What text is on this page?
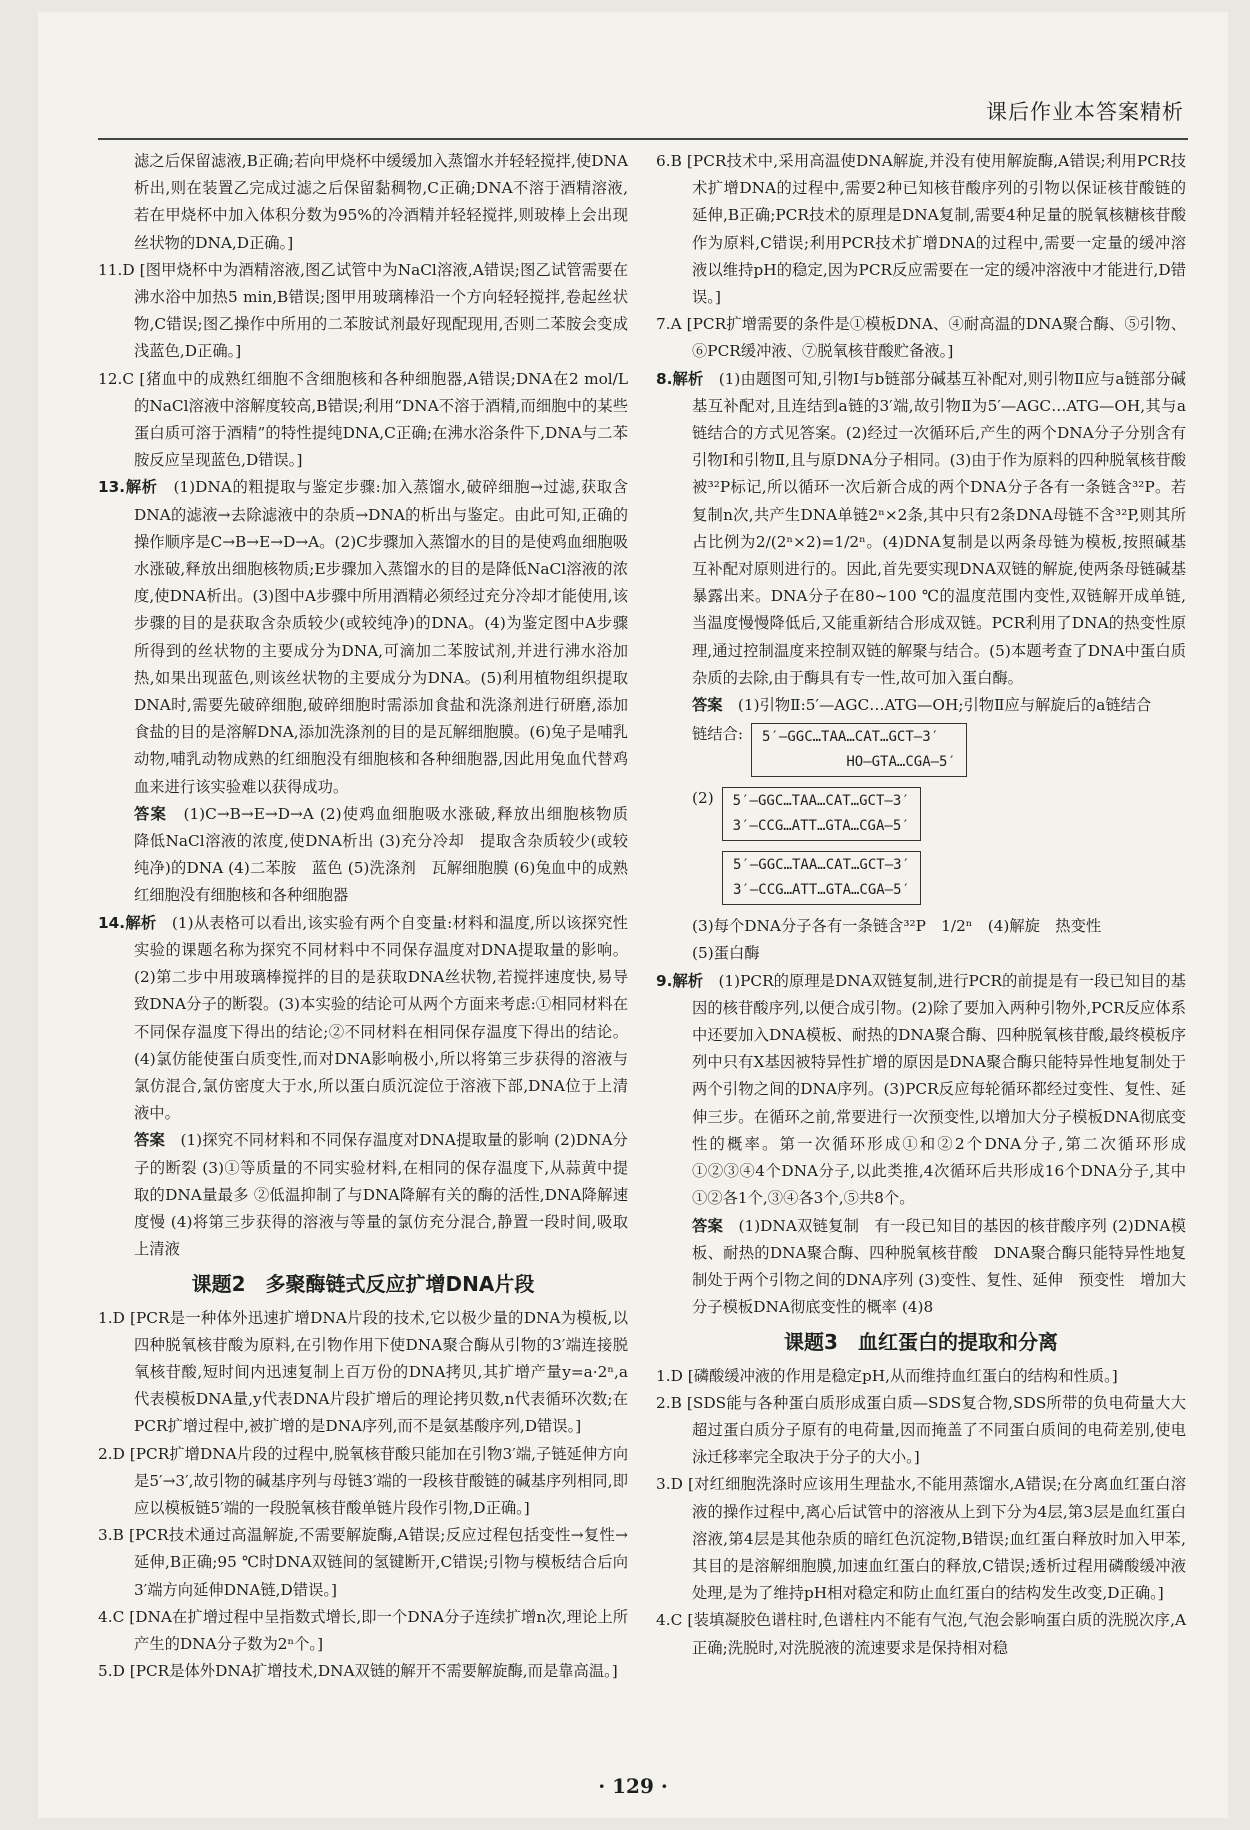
课后作业本答案精析

滤之后保留滤液,B正确;若向甲烧杯中缓缓加入蒸馏水并轻轻搅拌,使DNA析出,则在装置乙完成过滤之后保留黏稠物,C正确;DNA不溶于酒精溶液,若在甲烧杯中加入体积分数为95%的冷酒精并轻轻搅拌,则玻棒上会出现丝状物的DNA,D正确。]

11.D [图甲烧杯中为酒精溶液,图乙试管中为NaCl溶液,A错误;图乙试管需要在沸水浴中加热5 min,B错误;图甲用玻璃棒沿一个方向轻轻搅拌,卷起丝状物,C错误;图乙操作中所用的二苯胺试剂最好现配现用,否则二苯胺会变成浅蓝色,D正确。]

12.C [猪血中的成熟红细胞不含细胞核和各种细胞器,A错误;DNA在2 mol/L的NaCl溶液中溶解度较高,B错误;利用“DNA不溶于酒精,而细胞中的某些蛋白质可溶于酒精”的特性提纯DNA,C正确;在沸水浴条件下,DNA与二苯胺反应呈现蓝色,D错误。]

13.解析　 (1)DNA的粗提取与鉴定步骤:加入蒸馏水,破碎细胞→过滤,获取含DNA的滤液→去除滤液中的杂质→DNA的析出与鉴定。由此可知,正确的操作顺序是C→B→E→D→A。(2)C步骤加入蒸馏水的目的是使鸡血细胞吸水涨破,释放出细胞核物质;E步骤加入蒸馏水的目的是降低NaCl溶液的浓度,使DNA析出。(3)图中A步骤中所用酒精必须经过充分冷却才能使用,该步骤的目的是获取含杂质较少(或较纯净)的DNA。(4)为鉴定图中A步骤所得到的丝状物的主要成分为DNA,可滴加二苯胺试剂,并进行沸水浴加热,如果出现蓝色,则该丝状物的主要成分为DNA。(5)利用植物组织提取DNA时,需要先破碎细胞,破碎细胞时需添加食盐和洗涤剂进行研磨,添加食盐的目的是溶解DNA,添加洗涤剂的目的是瓦解细胞膜。(6)兔子是哺乳动物,哺乳动物成熟的红细胞没有细胞核和各种细胞器,因此用兔血代替鸡血来进行该实验难以获得成功。

答案　 (1)C→B→E→D→A (2)使鸡血细胞吸水涨破,释放出细胞核物质　降低NaCl溶液的浓度,使DNA析出 (3)充分冷却　提取含杂质较少(或较纯净)的DNA (4)二苯胺　蓝色 (5)洗涤剂　瓦解细胞膜 (6)兔血中的成熟红细胞没有细胞核和各种细胞器

14.解析　 (1)从表格可以看出,该实验有两个自变量:材料和温度,所以该探究性实验的课题名称为探究不同材料中不同保存温度对DNA提取量的影响。(2)第二步中用玻璃棒搅拌的目的是获取DNA丝状物,若搅拌速度快,易导致DNA分子的断裂。(3)本实验的结论可从两个方面来考虑:①相同材料在不同保存温度下得出的结论;②不同材料在相同保存温度下得出的结论。(4)氯仿能使蛋白质变性,而对DNA影响极小,所以将第三步获得的溶液与氯仿混合,氯仿密度大于水,所以蛋白质沉淀位于溶液下部,DNA位于上清液中。

答案　 (1)探究不同材料和不同保存温度对DNA提取量的影响 (2)DNA分子的断裂 (3)①等质量的不同实验材料,在相同的保存温度下,从蒜黄中提取的DNA量最多 ②低温抑制了与DNA降解有关的酶的活性,DNA降解速度慢 (4)将第三步获得的溶液与等量的氯仿充分混合,静置一段时间,吸取上清液

课题2　多聚酶链式反应扩增DNA片段

1.D [PCR是一种体外迅速扩增DNA片段的技术,它以极少量的DNA为模板,以四种脱氧核苷酸为原料,在引物作用下使DNA聚合酶从引物的3′端连接脱氧核苷酸,短时间内迅速复制上百万份的DNA拷贝,其扩增产量y=a·2ⁿ,a代表模板DNA量,y代表DNA片段扩增后的理论拷贝数,n代表循环次数;在PCR扩增过程中,被扩增的是DNA序列,而不是氨基酸序列,D错误。]

2.D [PCR扩增DNA片段的过程中,脱氧核苷酸只能加在引物3′端,子链延伸方向是5′→3′,故引物的碱基序列与母链3′端的一段核苷酸链的碱基序列相同,即应以模板链5′端的一段脱氧核苷酸单链片段作引物,D正确。]

3.B [PCR技术通过高温解旋,不需要解旋酶,A错误;反应过程包括变性→复性→延伸,B正确;95 ℃时DNA双链间的氢键断开,C错误;引物与模板结合后向3′端方向延伸DNA链,D错误。]

4.C [DNA在扩增过程中呈指数式增长,即一个DNA分子连续扩增n次,理论上所产生的DNA分子数为2ⁿ个。]

5.D [PCR是体外DNA扩增技术,DNA双链的解开不需要解旋酶,而是靠高温。]

6.B [PCR技术中,采用高温使DNA解旋,并没有使用解旋酶,A错误;利用PCR技术扩增DNA的过程中,需要2种已知核苷酸序列的引物以保证核苷酸链的延伸,B正确;PCR技术的原理是DNA复制,需要4种足量的脱氧核糖核苷酸作为原料,C错误;利用PCR技术扩增DNA的过程中,需要一定量的缓冲溶液以维持pH的稳定,因为PCR反应需要在一定的缓冲溶液中才能进行,D错误。]

7.A [PCR扩增需要的条件是①模板DNA、④耐高温的DNA聚合酶、⑤引物、⑥PCR缓冲液、⑦脱氧核苷酸贮备液。]

8.解析　 (1)由题图可知,引物Ⅰ与b链部分碱基互补配对,则引物Ⅱ应与a链部分碱基互补配对,且连结到a链的3′端,故引物Ⅱ为5′—AGC…ATG—OH,其与a链结合的方式见答案。(2)经过一次循环后,产生的两个DNA分子分别含有引物Ⅰ和引物Ⅱ,且与原DNA分子相同。(3)由于作为原料的四种脱氧核苷酸被³²P标记,所以循环一次后新合成的两个DNA分子各有一条链含³²P。若复制n次,共产生DNA单链2ⁿ×2条,其中只有2条DNA母链不含³²P,则其所占比例为2/(2ⁿ×2)=1/2ⁿ。(4)DNA复制是以两条母链为模板,按照碱基互补配对原则进行的。因此,首先要实现DNA双链的解旋,使两条母链碱基暴露出来。DNA分子在80~100 ℃的温度范围内变性,双链解开成单链,当温度慢慢降低后,又能重新结合形成双链。PCR利用了DNA的热变性原理,通过控制温度来控制双链的解聚与结合。(5)本题考查了DNA中蛋白质杂质的去除,由于酶具有专一性,故可加入蛋白酶。

答案　 (1)引物Ⅱ:5′—AGC…ATG—OH;引物Ⅱ应与解旋后的a链结合

链结合: 5′—GGC…TAA…CAT…GCT—3′
HO—GTA…CGA—5′
(2) 5′—GGC…TAA…CAT…GCT—3′
3′—CCG…ATT…GTA…CGA—5′
5′—GGC…TAA…CAT…GCT—3′
3′—CCG…ATT…GTA…CGA—5′

(3)每个DNA分子各有一条链含³²P　1/2ⁿ　(4)解旋　热变性

(5)蛋白酶

9.解析　 (1)PCR的原理是DNA双链复制,进行PCR的前提是有一段已知目的基因的核苷酸序列,以便合成引物。(2)除了要加入两种引物外,PCR反应体系中还要加入DNA模板、耐热的DNA聚合酶、四种脱氧核苷酸,最终模板序列中只有X基因被特异性扩增的原因是DNA聚合酶只能特异性地复制处于两个引物之间的DNA序列。(3)PCR反应每轮循环都经过变性、复性、延伸三步。在循环之前,常要进行一次预变性,以增加大分子模板DNA彻底变性的概率。第一次循环形成①和②2个DNA分子,第二次循环形成①②③④4个DNA分子,以此类推,4次循环后共形成16个DNA分子,其中①②各1个,③④各3个,⑤共8个。

答案　 (1)DNA双链复制　有一段已知目的基因的核苷酸序列 (2)DNA模板、耐热的DNA聚合酶、四种脱氧核苷酸　DNA聚合酶只能特异性地复制处于两个引物之间的DNA序列 (3)变性、复性、延伸　预变性　增加大分子模板DNA彻底变性的概率 (4)8

课题3　血红蛋白的提取和分离

1.D [磷酸缓冲液的作用是稳定pH,从而维持血红蛋白的结构和性质。]

2.B [SDS能与各种蛋白质形成蛋白质—SDS复合物,SDS所带的负电荷量大大超过蛋白质分子原有的电荷量,因而掩盖了不同蛋白质间的电荷差别,使电泳迁移率完全取决于分子的大小。]

3.D [对红细胞洗涤时应该用生理盐水,不能用蒸馏水,A错误;在分离血红蛋白溶液的操作过程中,离心后试管中的溶液从上到下分为4层,第3层是血红蛋白溶液,第4层是其他杂质的暗红色沉淀物,B错误;血红蛋白释放时加入甲苯,其目的是溶解细胞膜,加速血红蛋白的释放,C错误;透析过程用磷酸缓冲液处理,是为了维持pH相对稳定和防止血红蛋白的结构发生改变,D正确。]

4.C [装填凝胶色谱柱时,色谱柱内不能有气泡,气泡会影响蛋白质的洗脱次序,A正确;洗脱时,对洗脱液的流速要求是保持相对稳

· 129 ·
